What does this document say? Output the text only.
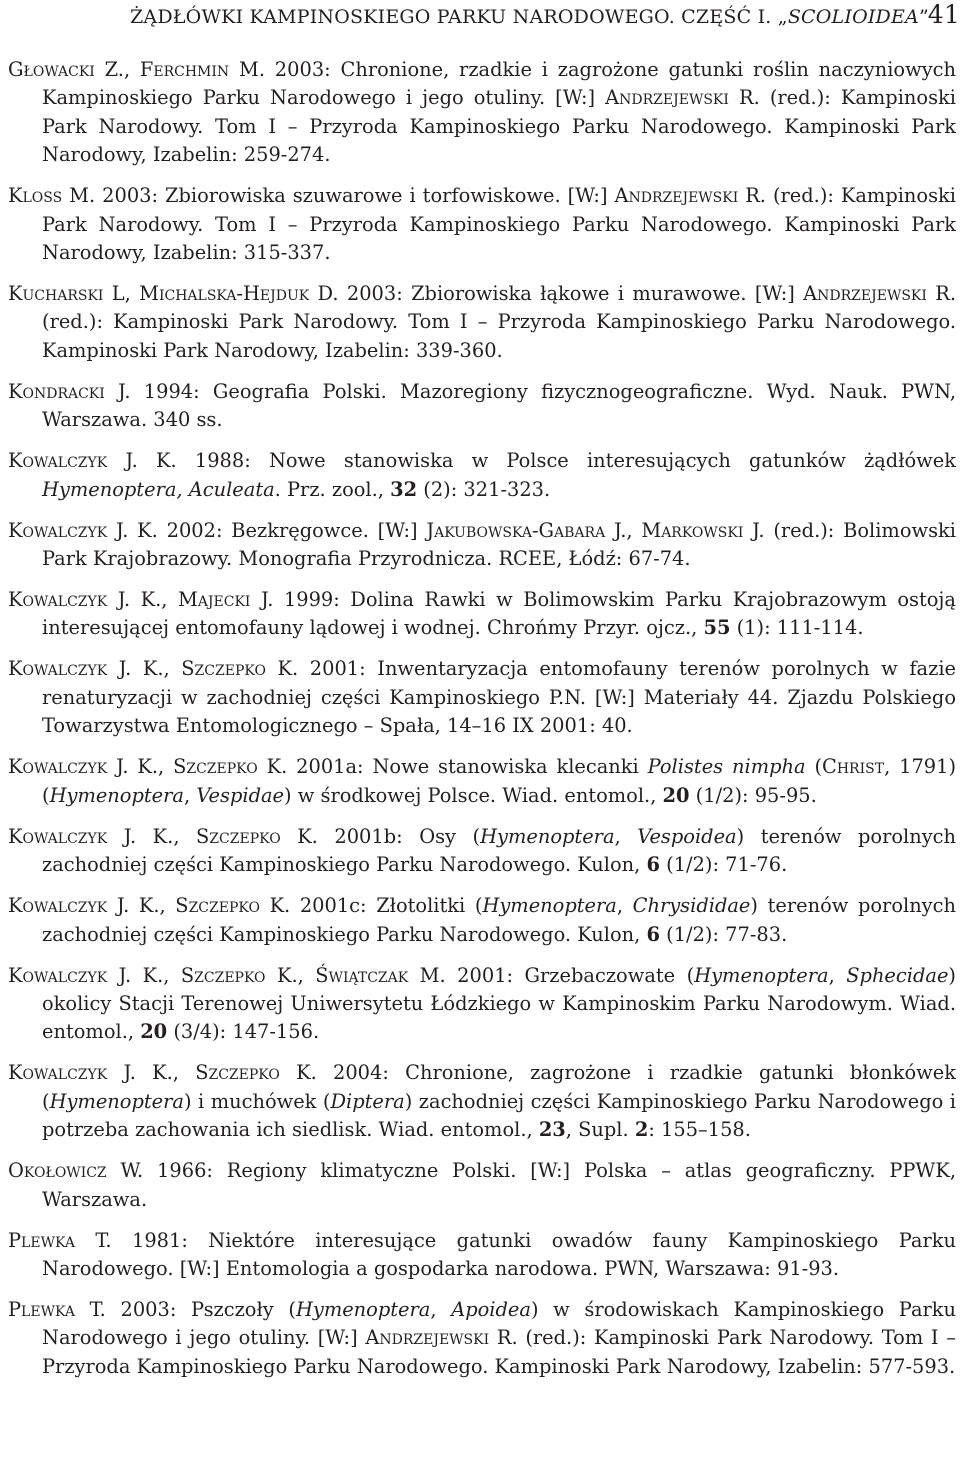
ŻĄDŁÓWKI KAMPINOSKIEGO PARKU NARODOWEGO. CZĘŚĆ I. „SCOLIOIDEA”
41

Głowacki Z., Ferchmin M. 2003: Chronione, rzadkie i zagrożone gatunki roślin naczyniowych Kampinoskiego Parku Narodowego i jego otuliny. [W:] Andrzejewski R. (red.): Kampinoski Park Narodowy. Tom I – Przyroda Kampinoskiego Parku Narodowego. Kampinoski Park Narodowy, Izabelin: 259-274.

Kloss M. 2003: Zbiorowiska szuwarowe i torfowiskowe. [W:] Andrzejewski R. (red.): Kampinoski Park Narodowy. Tom I – Przyroda Kampinoskiego Parku Narodowego. Kampinoski Park Narodowy, Izabelin: 315-337.

Kucharski L, Michalska-Hejduk D. 2003: Zbiorowiska łąkowe i murawowe. [W:] Andrzejewski R. (red.): Kampinoski Park Narodowy. Tom I – Przyroda Kampinoskiego Parku Narodowego. Kampinoski Park Narodowy, Izabelin: 339-360.

Kondracki J. 1994: Geografia Polski. Mazoregiony fizycznogeograficzne. Wyd. Nauk. PWN, Warszawa. 340 ss.

Kowalczyk J. K. 1988: Nowe stanowiska w Polsce interesujących gatunków żądłówek Hymenoptera, Aculeata. Prz. zool., 32 (2): 321-323.

Kowalczyk J. K. 2002: Bezkręgowce. [W:] Jakubowska-Gabara J., Markowski J. (red.): Bolimowski Park Krajobrazowy. Monografia Przyrodnicza. RCEE, Łódź: 67-74.

Kowalczyk J. K., Majecki J. 1999: Dolina Rawki w Bolimowskim Parku Krajobrazowym ostoją interesującej entomofauny lądowej i wodnej. Chrońmy Przyr. ojcz., 55 (1): 111-114.

Kowalczyk J. K., Szczepko K. 2001: Inwentaryzacja entomofauny terenów porolnych w fazie renaturyzacji w zachodniej części Kampinoskiego P.N. [W:] Materiały 44. Zjazdu Polskiego Towarzystwa Entomologicznego – Spała, 14–16 IX 2001: 40.

Kowalczyk J. K., Szczepko K. 2001a: Nowe stanowiska klecanki Polistes nimpha (Christ, 1791) (Hymenoptera, Vespidae) w środkowej Polsce. Wiad. entomol., 20 (1/2): 95-95.

Kowalczyk J. K., Szczepko K. 2001b: Osy (Hymenoptera, Vespoidea) terenów porolnych zachodniej części Kampinoskiego Parku Narodowego. Kulon, 6 (1/2): 71-76.

Kowalczyk J. K., Szczepko K. 2001c: Złotolitki (Hymenoptera, Chrysididae) terenów porolnych zachodniej części Kampinoskiego Parku Narodowego. Kulon, 6 (1/2): 77-83.

Kowalczyk J. K., Szczepko K., Świątczak M. 2001: Grzebaczowate (Hymenoptera, Sphecidae) okolicy Stacji Terenowej Uniwersytetu Łódzkiego w Kampinoskim Parku Narodowym. Wiad. entomol., 20 (3/4): 147-156.

Kowalczyk J. K., Szczepko K. 2004: Chronione, zagrożone i rzadkie gatunki błonkówek (Hymenoptera) i muchówek (Diptera) zachodniej części Kampinoskiego Parku Narodowego i potrzeba zachowania ich siedlisk. Wiad. entomol., 23, Supl. 2: 155–158.

Okołowicz W. 1966: Regiony klimatyczne Polski. [W:] Polska – atlas geograficzny. PPWK, Warszawa.

Plewka T. 1981: Niektóre interesujące gatunki owadów fauny Kampinoskiego Parku Narodowego. [W:] Entomologia a gospodarka narodowa. PWN, Warszawa: 91-93.

Plewka T. 2003: Pszczoły (Hymenoptera, Apoidea) w środowiskach Kampinoskiego Parku Narodowego i jego otuliny. [W:] Andrzejewski R. (red.): Kampinoski Park Narodowy. Tom I – Przyroda Kampinoskiego Parku Narodowego. Kampinoski Park Narodowy, Izabelin: 577-593.
